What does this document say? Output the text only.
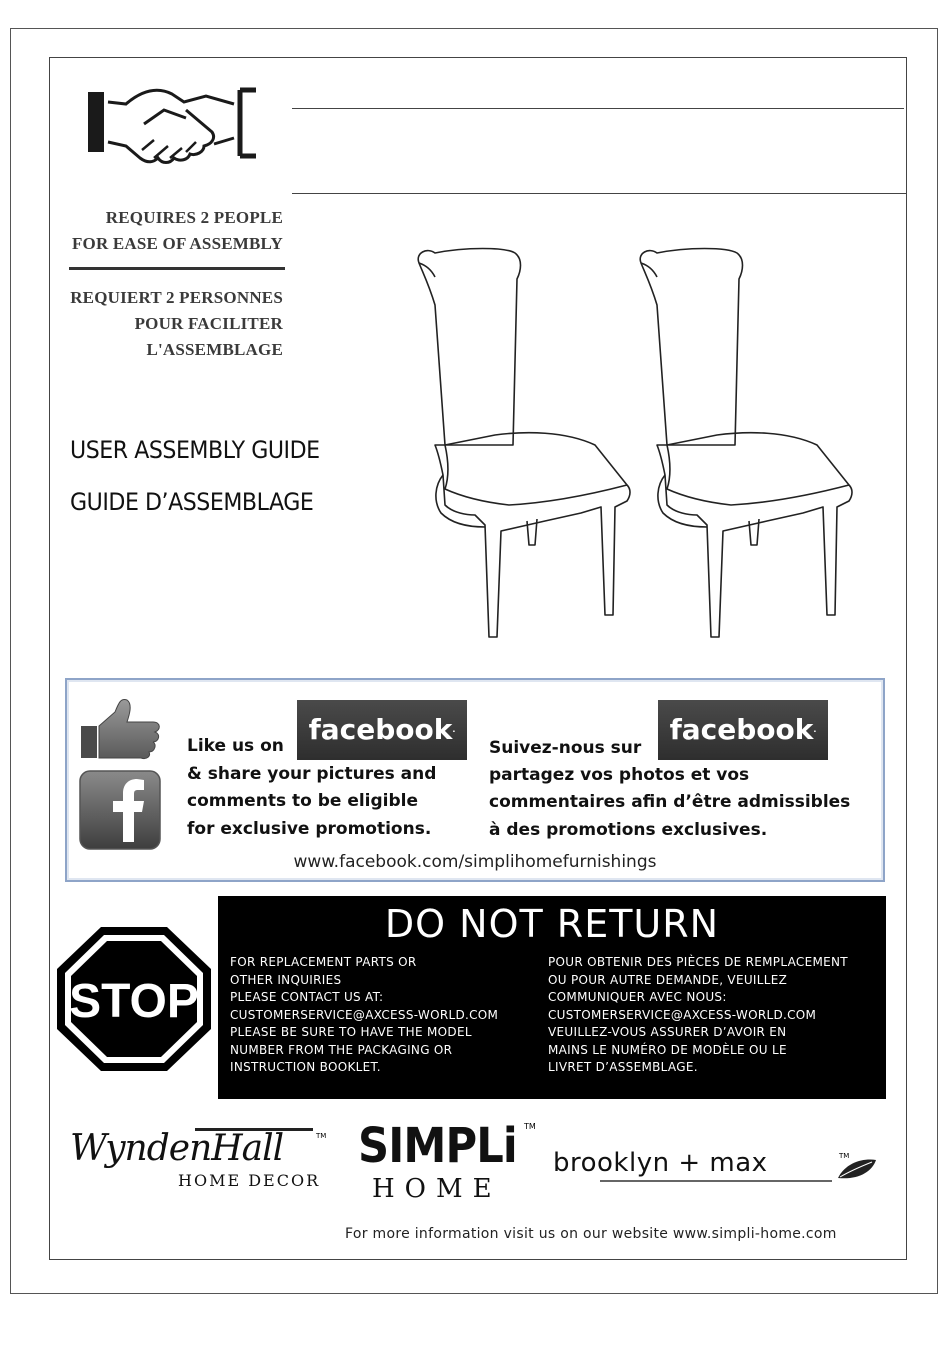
REQUIRES 2 PEOPLE
FOR EASE OF ASSEMBLY
REQUIERT 2 PERSONNES
POUR FACILITER
L'ASSEMBLAGE
USER ASSEMBLY GUIDE
GUIDE D’ASSEMBLAGE
facebook.	facebook.
Like us on
& share your pictures and
comments to be eligible
for exclusive promotions.
Suivez-nous sur
partagez vos photos et vos
commentaires afin d’être admissibles
à des promotions exclusives.
www.facebook.com/simplihomefurnishings
STOP
DO NOT RETURN
FOR REPLACEMENT PARTS OR
OTHER INQUIRIES
PLEASE CONTACT US AT:
CUSTOMERSERVICE@AXCESS-WORLD.COM
PLEASE BE SURE TO HAVE THE MODEL
NUMBER FROM THE PACKAGING OR
INSTRUCTION BOOKLET.
POUR OBTENIR DES PIÈCES DE REMPLACEMENT
OU POUR AUTRE DEMANDE, VEUILLEZ
COMMUNIQUER AVEC NOUS:
CUSTOMERSERVICE@AXCESS-WORLD.COM
VEUILLEZ-VOUS ASSURER D’AVOIR EN
MAINS LE NUMÉRO DE MODÈLE OU LE
LIVRET D’ASSEMBLAGE.
WyndenHall
HOME DECOR
TM SIMPLi
HOME
TM
brooklyn + max	TM
For more information visit us on our website www.simpli-home.com
